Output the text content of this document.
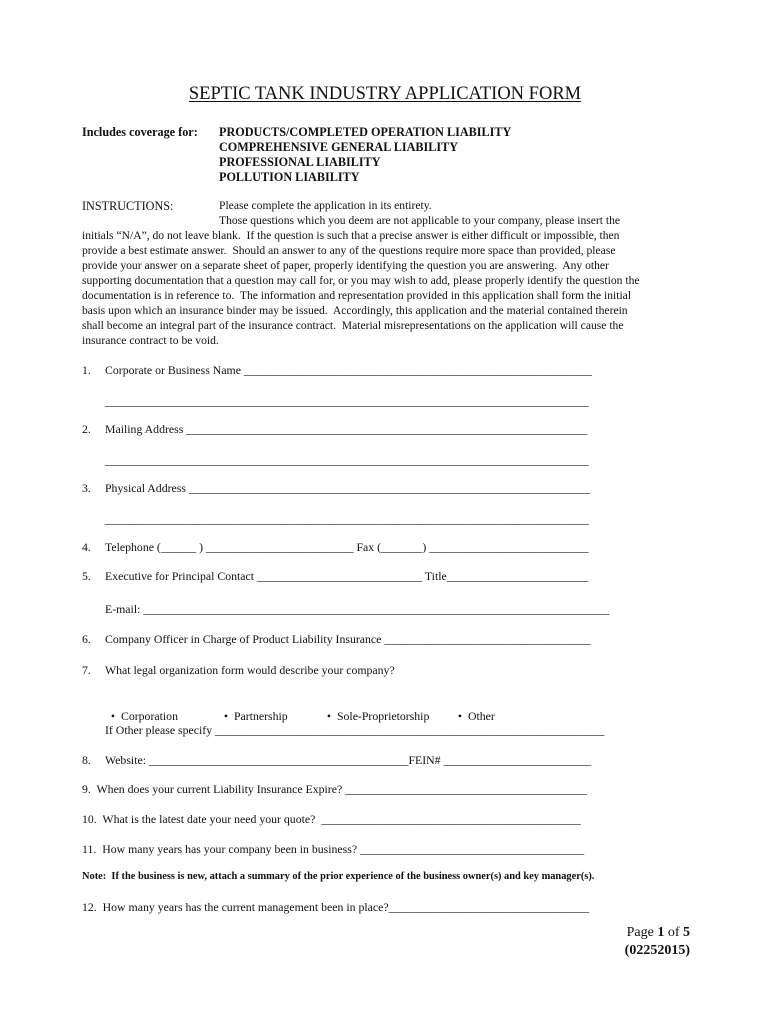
SEPTIC TANK INDUSTRY APPLICATION FORM
Includes coverage for: PRODUCTS/COMPLETED OPERATION LIABILITY
COMPREHENSIVE GENERAL LIABILITY
PROFESSIONAL LIABILITY
POLLUTION LIABILITY
INSTRUCTIONS:	Please complete the application in its entirety.
Those questions which you deem are not applicable to your company, please insert the
initials “N/A”, do not leave blank.  If the question is such that a precise answer is either difficult or impossible, then
provide a best estimate answer.  Should an answer to any of the questions require more space than provided, please
provide your answer on a separate sheet of paper, properly identifying the question you are answering.  Any other
supporting documentation that a question may call for, or you may wish to add, please properly identify the question the
documentation is in reference to.  The information and representation provided in this application shall form the initial
basis upon which an insurance binder may be issued.  Accordingly, this application and the material contained therein
shall become an integral part of the insurance contract.  Material misrepresentations on the application will cause the
insurance contract to be void.
1. Corporate or Business Name ___________________________________________________________
__________________________________________________________________________________
2. Mailing Address ____________________________________________________________________
__________________________________________________________________________________
3. Physical Address ____________________________________________________________________
__________________________________________________________________________________
4. Telephone (______ ) _________________________ Fax (_______) ___________________________
5. Executive for Principal Contact ____________________________ Title________________________
E-mail: _______________________________________________________________________________
6. Company Officer in Charge of Product Liability Insurance ___________________________________
7. What legal organization form would describe your company?

• Corporation	• Partnership	• Sole-Proprietorship	• Other

If Other please specify __________________________________________________________________
8. Website: ____________________________________________FEIN# _________________________
9.  When does your current Liability Insurance Expire? _________________________________________
10.  What is the latest date your need your quote?  ____________________________________________
11.  How many years has your company been in business? ______________________________________
Note:  If the business is new, attach a summary of the prior experience of the business owner(s) and key manager(s).
12.  How many years has the current management been in place?__________________________________
Page 1 of 5
(02252015)
